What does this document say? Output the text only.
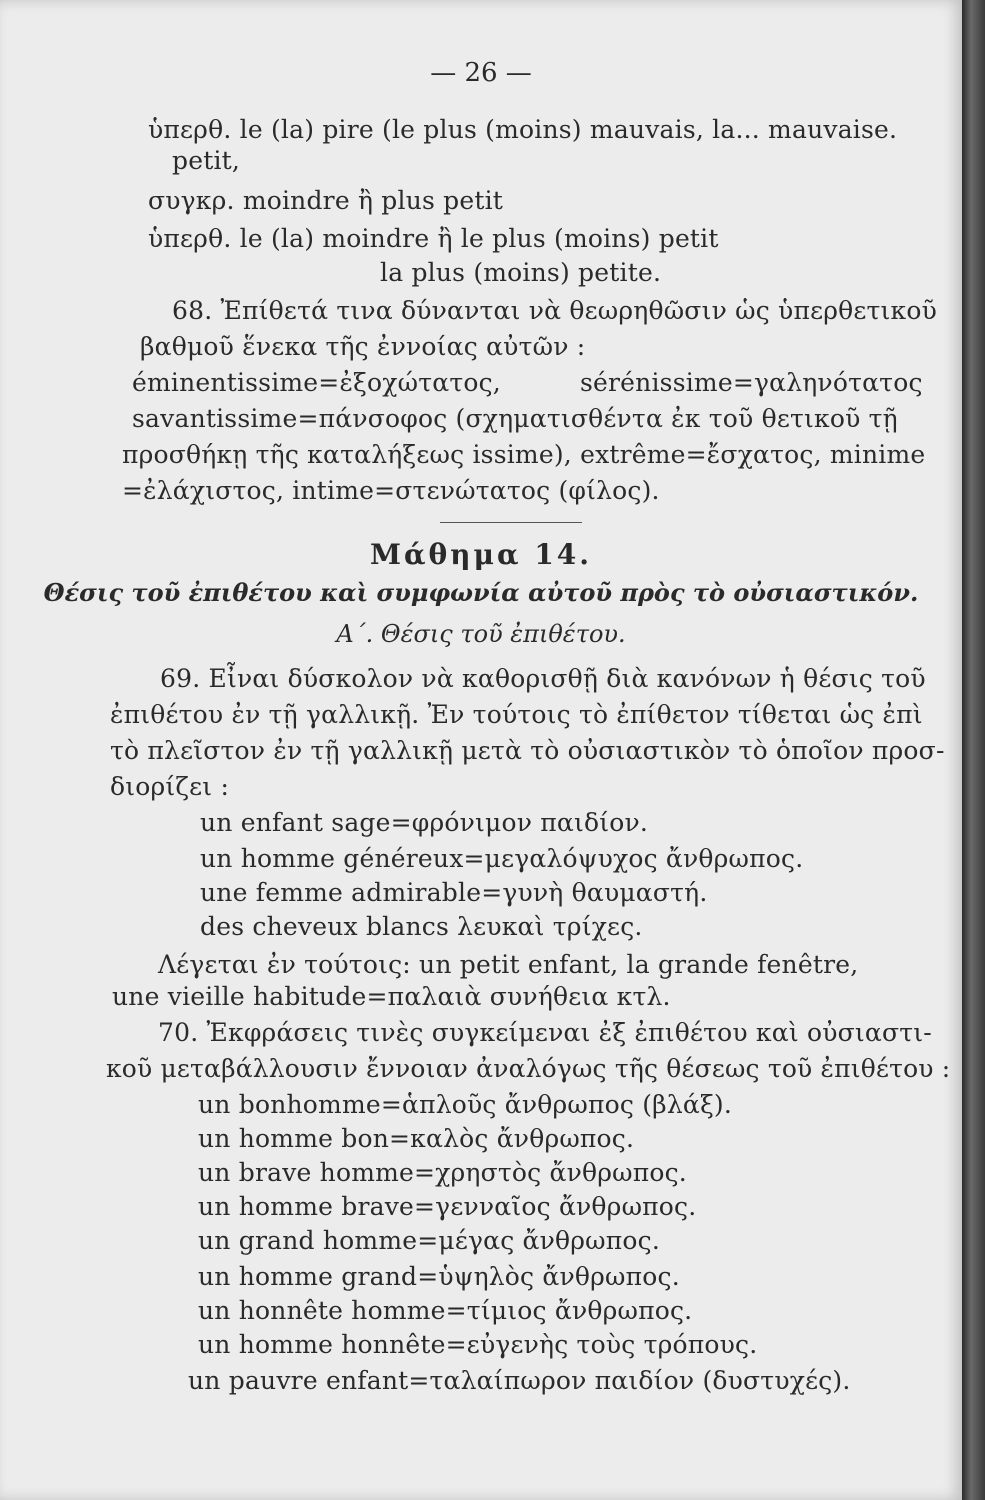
— 26 —
ὑπερθ. le (la) pire (le plus (moins) mauvais, la... mauvaise.
petit,
συγκρ. moindre ἢ plus petit
ὑπερθ. le (la) moindre ἢ le plus (moins) petit
la plus (moins) petite.
68. Ἐπίθετά τινα δύνανται νὰ θεωρηθῶσιν ὡς ὑπερθετικοῦ
βαθμοῦ ἕνεκα τῆς ἐννοίας αὐτῶν :
éminentissime=ἐξοχώτατος,	sérénissime=γαληνότατος
savantissime=πάνσοφος (σχηματισθέντα ἐκ τοῦ θετικοῦ τῇ
προσθήκῃ τῆς καταλήξεως issime), extrême=ἔσχατος, minime
=ἐλάχιστος, intime=στενώτατος (φίλος).
Μάθημα 14.
Θέσις τοῦ ἐπιθέτου καὶ συμφωνία αὐτοῦ πρὸς τὸ οὐσιαστικόν.
Α΄. Θέσις τοῦ ἐπιθέτου.
69. Εἶναι δύσκολον νὰ καθορισθῇ διὰ κανόνων ἡ θέσις τοῦ
ἐπιθέτου ἐν τῇ γαλλικῇ. Ἐν τούτοις τὸ ἐπίθετον τίθεται ὡς ἐπὶ
τὸ πλεῖστον ἐν τῇ γαλλικῇ μετὰ τὸ οὐσιαστικὸν τὸ ὁποῖον προσ-
διορίζει :
un enfant sage=φρόνιμον παιδίον.
un homme généreux=μεγαλόψυχος ἄνθρωπος.
une femme admirable=γυνὴ θαυμαστή.
des cheveux blancs λευκαὶ τρίχες.
Λέγεται ἐν τούτοις: un petit enfant, la grande fenêtre,
une vieille habitude=παλαιὰ συνήθεια κτλ.
70. Ἐκφράσεις τινὲς συγκείμεναι ἐξ ἐπιθέτου καὶ οὐσιαστι-
κοῦ μεταβάλλουσιν ἔννοιαν ἀναλόγως τῆς θέσεως τοῦ ἐπιθέτου :
un bonhomme=ἁπλοῦς ἄνθρωπος (βλάξ).
un homme bon=καλὸς ἄνθρωπος.
un brave homme=χρηστὸς ἄνθρωπος.
un homme brave=γενναῖος ἄνθρωπος.
un grand homme=μέγας ἄνθρωπος.
un homme grand=ὑψηλὸς ἄνθρωπος.
un honnête homme=τίμιος ἄνθρωπος.
un homme honnête=εὐγενὴς τοὺς τρόπους.
un pauvre enfant=ταλαίπωρον παιδίον (δυστυχές).
